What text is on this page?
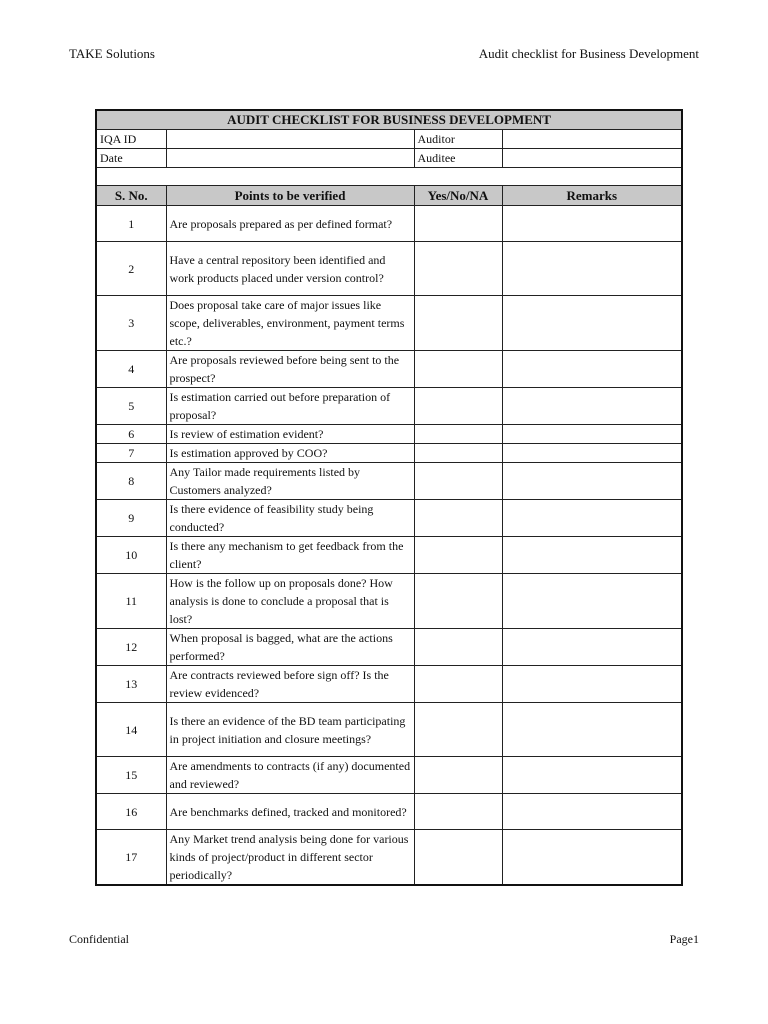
TAKE Solutions	Audit checklist for Business Development
AUDIT CHECKLIST FOR BUSINESS DEVELOPMENT			
IQA ID		Auditor	
Date		Auditee	

S. No.	Points to be verified	Yes/No/NA	Remarks
1	Are proposals prepared as per defined format?		
2	Have a central repository been identified and work products placed under version control?		
3	Does proposal take care of major issues like scope, deliverables, environment, payment terms etc.?		
4	Are proposals reviewed before being sent to the prospect?		
5	Is estimation carried out before preparation of proposal?		
6	Is review of estimation evident?		
7	Is estimation approved by COO?		
8	Any Tailor made requirements listed by Customers analyzed?		
9	Is there evidence of feasibility study being conducted?		
10	Is there any mechanism to get feedback from the client?		
11	How is the follow up on proposals done? How analysis is done to conclude a proposal that is lost?		
12	When proposal is bagged, what are the actions performed?		
13	Are contracts reviewed before sign off? Is the review evidenced?		
14	Is there an evidence of the BD team participating in project initiation and closure meetings?		
15	Are amendments to contracts (if any) documented and reviewed?		
16	Are benchmarks defined, tracked and monitored?		
17	Any Market trend analysis being done for various kinds of project/product in different sector periodically?		
Confidential	Page1
